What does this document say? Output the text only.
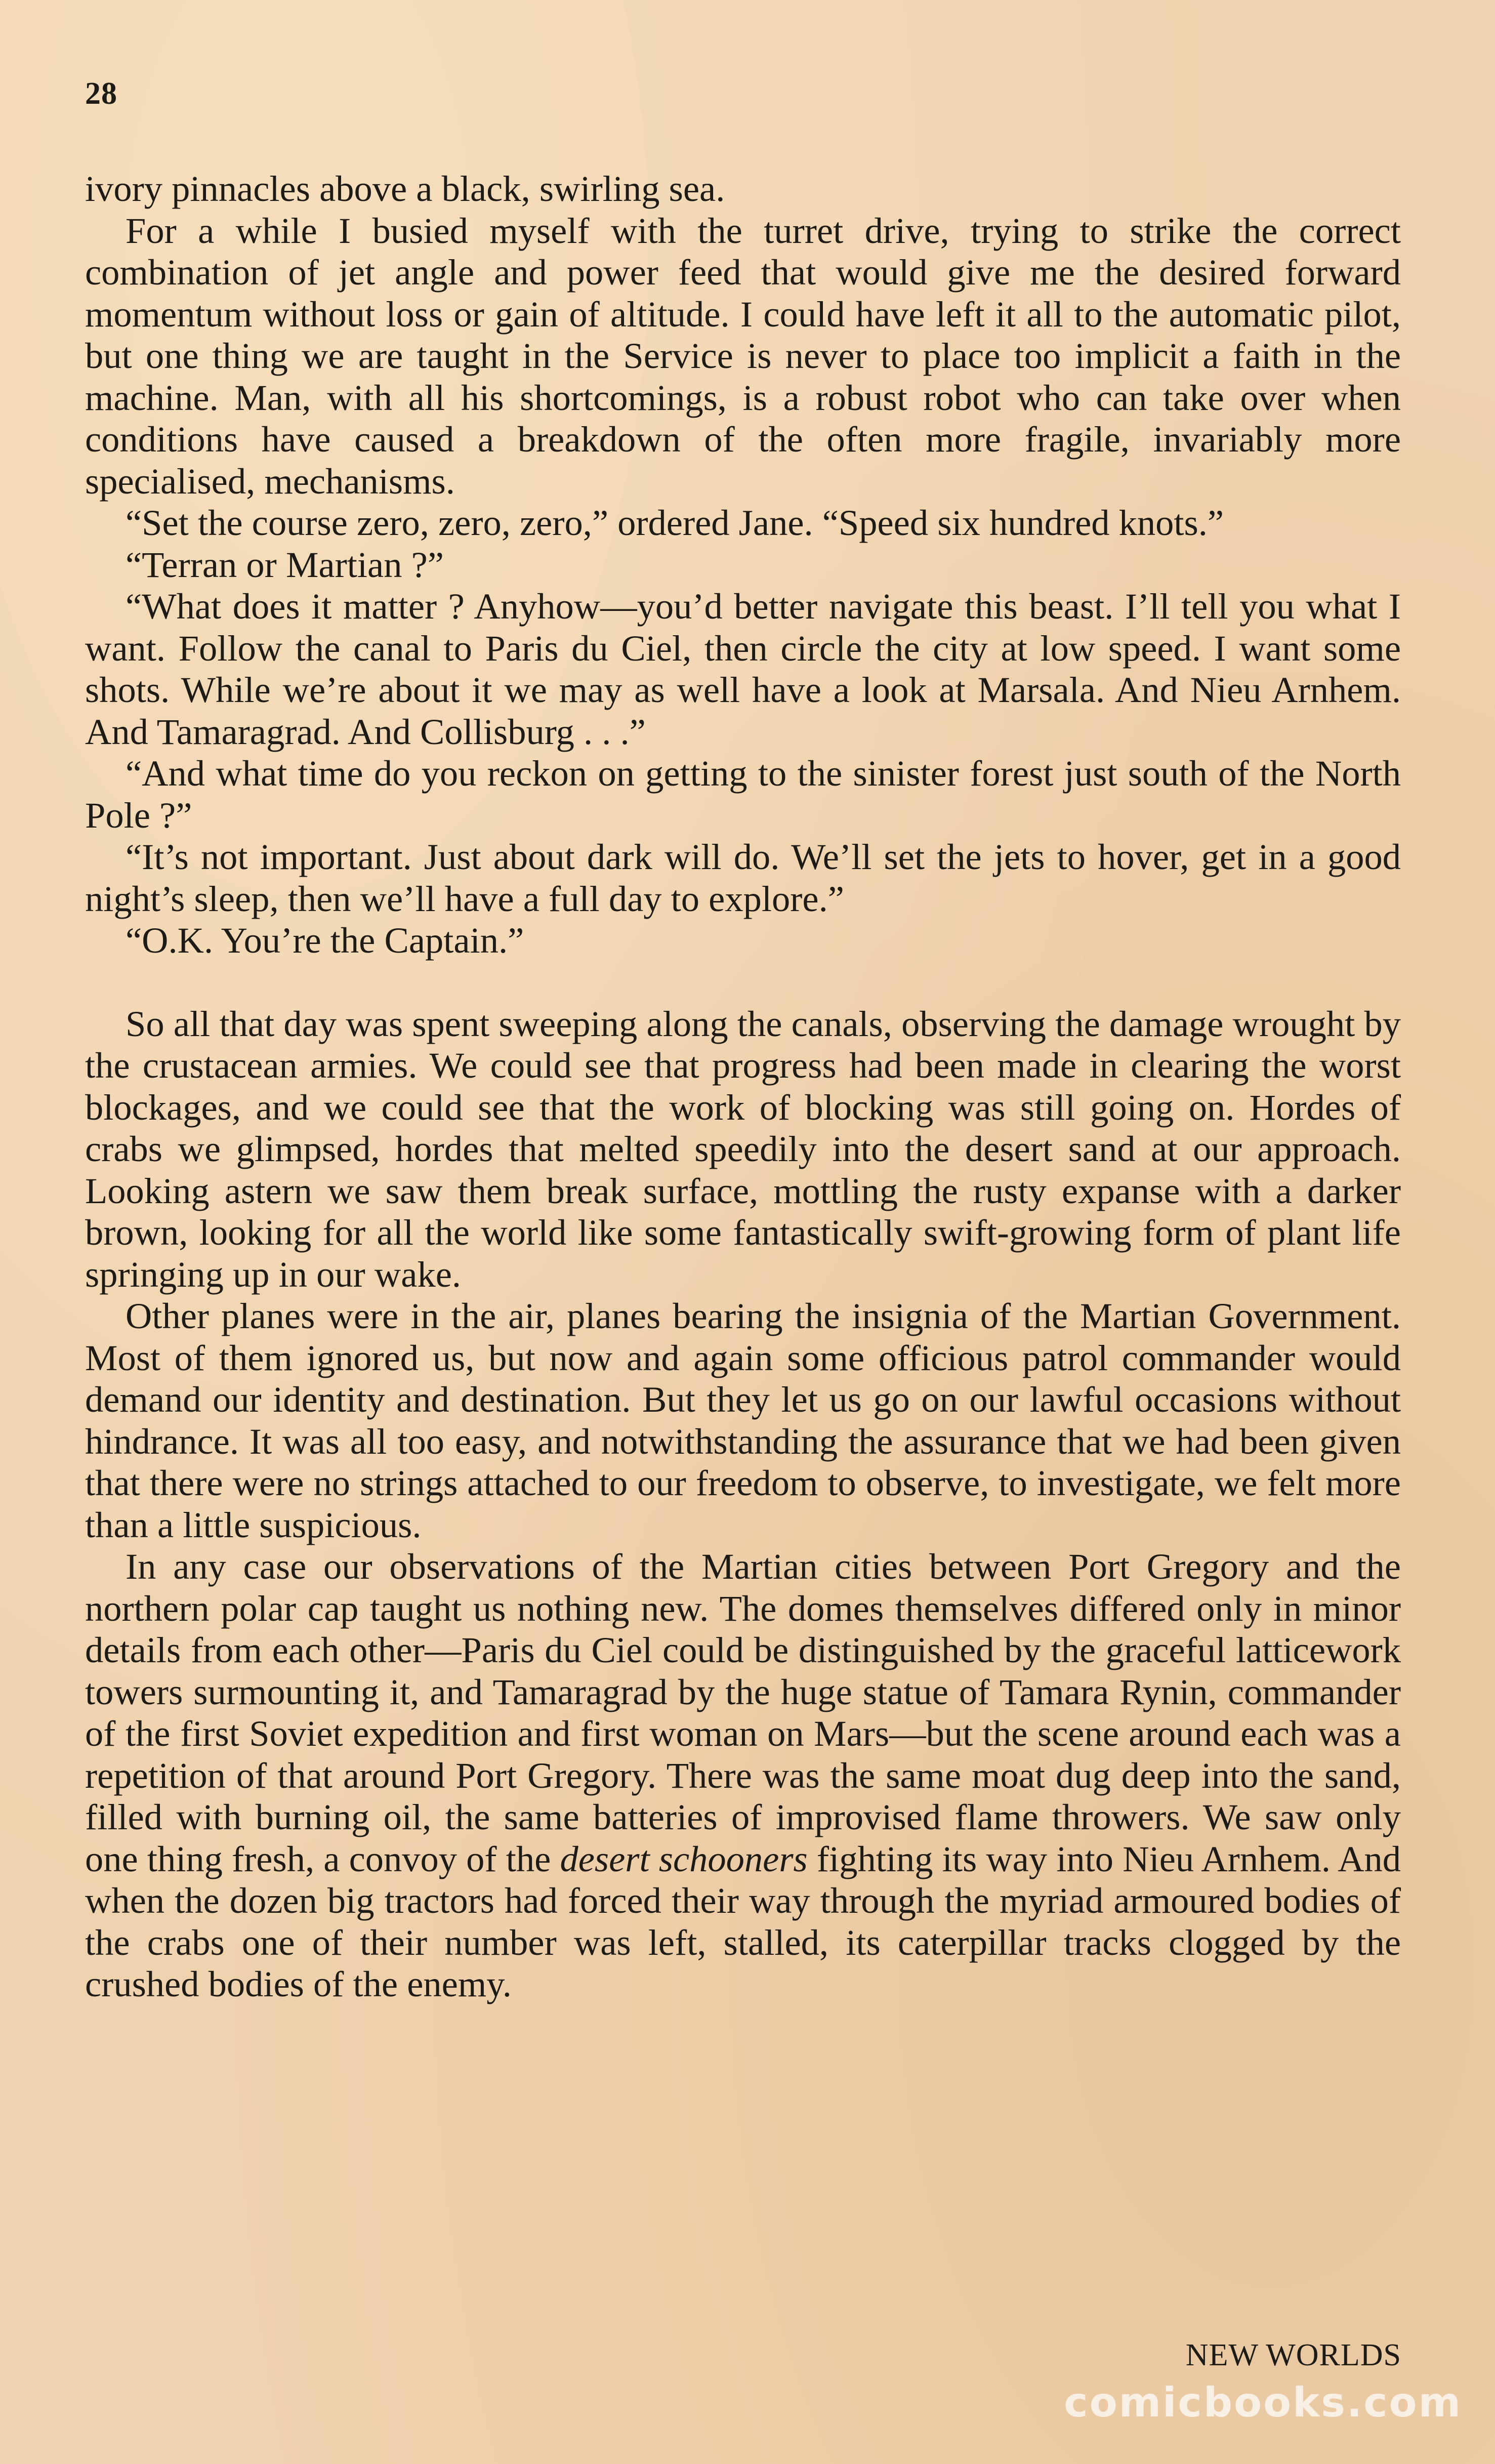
28

ivory pinnacles above a black, swirling sea.

For a while I busied myself with the turret drive, trying to strike the correct combination of jet angle and power feed that would give me the desired forward momentum without loss or gain of altitude. I could have left it all to the automatic pilot, but one thing we are taught in the Service is never to place too implicit a faith in the machine. Man, with all his shortcomings, is a robust robot who can take over when conditions have caused a breakdown of the often more fragile, invariably more specialised, mechanisms.

“Set the course zero, zero, zero,” ordered Jane. “Speed six hundred knots.”

“Terran or Martian ?”

“What does it matter ? Anyhow—you’d better navigate this beast. I’ll tell you what I want. Follow the canal to Paris du Ciel, then circle the city at low speed. I want some shots. While we’re about it we may as well have a look at Marsala. And Nieu Arnhem. And Tamaragrad. And Collisburg . . .”

“And what time do you reckon on getting to the sinister forest just south of the North Pole ?”

“It’s not important. Just about dark will do. We’ll set the jets to hover, get in a good night’s sleep, then we’ll have a full day to explore.”

“O.K. You’re the Captain.”

So all that day was spent sweeping along the canals, observing the damage wrought by the crustacean armies. We could see that progress had been made in clearing the worst blockages, and we could see that the work of blocking was still going on. Hordes of crabs we glimpsed, hordes that melted speedily into the desert sand at our approach. Looking astern we saw them break surface, mottling the rusty expanse with a darker brown, looking for all the world like some fantastically swift-growing form of plant life springing up in our wake.

Other planes were in the air, planes bearing the insignia of the Martian Government. Most of them ignored us, but now and again some officious patrol commander would demand our identity and destination. But they let us go on our lawful occasions without hindrance. It was all too easy, and notwithstanding the assurance that we had been given that there were no strings attached to our freedom to observe, to investigate, we felt more than a little suspicious.

In any case our observations of the Martian cities between Port Gregory and the northern polar cap taught us nothing new. The domes themselves differed only in minor details from each other—Paris du Ciel could be distinguished by the graceful latticework towers surmounting it, and Tamaragrad by the huge statue of Tamara Rynin, commander of the first Soviet expedition and first woman on Mars—but the scene around each was a repetition of that around Port Gregory. There was the same moat dug deep into the sand, filled with burning oil, the same batteries of improvised flame throwers. We saw only one thing fresh, a convoy of the desert schooners fighting its way into Nieu Arnhem. And when the dozen big tractors had forced their way through the myriad armoured bodies of the crabs one of their number was left, stalled, its caterpillar tracks clogged by the crushed bodies of the enemy.

NEW WORLDS
comicbooks.com
